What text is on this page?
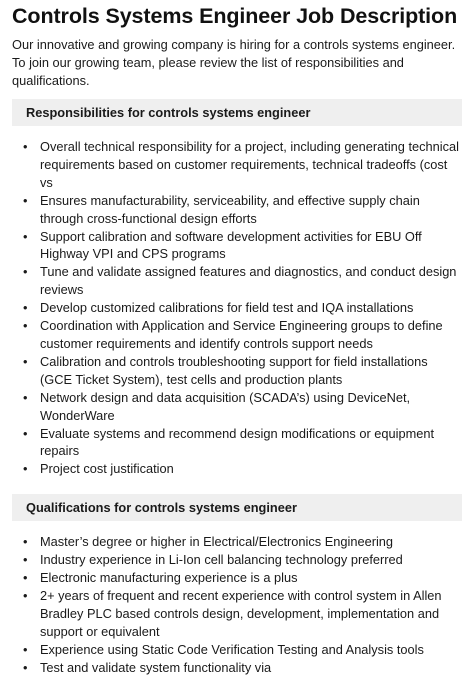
Controls Systems Engineer Job Description

Our innovative and growing company is hiring for a controls systems engineer. To join our growing team, please review the list of responsibilities and qualifications.

Responsibilities for controls systems engineer
• Overall technical responsibility for a project, including generating technical requirements based on customer requirements, technical tradeoffs (cost vs
• Ensures manufacturability, serviceability, and effective supply chain through cross-functional design efforts
• Support calibration and software development activities for EBU Off Highway VPI and CPS programs
• Tune and validate assigned features and diagnostics, and conduct design reviews
• Develop customized calibrations for field test and IQA installations
• Coordination with Application and Service Engineering groups to define customer requirements and identify controls support needs
• Calibration and controls troubleshooting support for field installations (GCE Ticket System), test cells and production plants
• Network design and data acquisition (SCADA’s) using DeviceNet, WonderWare
• Evaluate systems and recommend design modifications or equipment repairs
• Project cost justification
Qualifications for controls systems engineer
• Master’s degree or higher in Electrical/Electronics Engineering
• Industry experience in Li-Ion cell balancing technology preferred
• Electronic manufacturing experience is a plus
• 2+ years of frequent and recent experience with control system in Allen Bradley PLC based controls design, development, implementation and support or equivalent
• Experience using Static Code Verification Testing and Analysis tools
• Test and validate system functionality via
